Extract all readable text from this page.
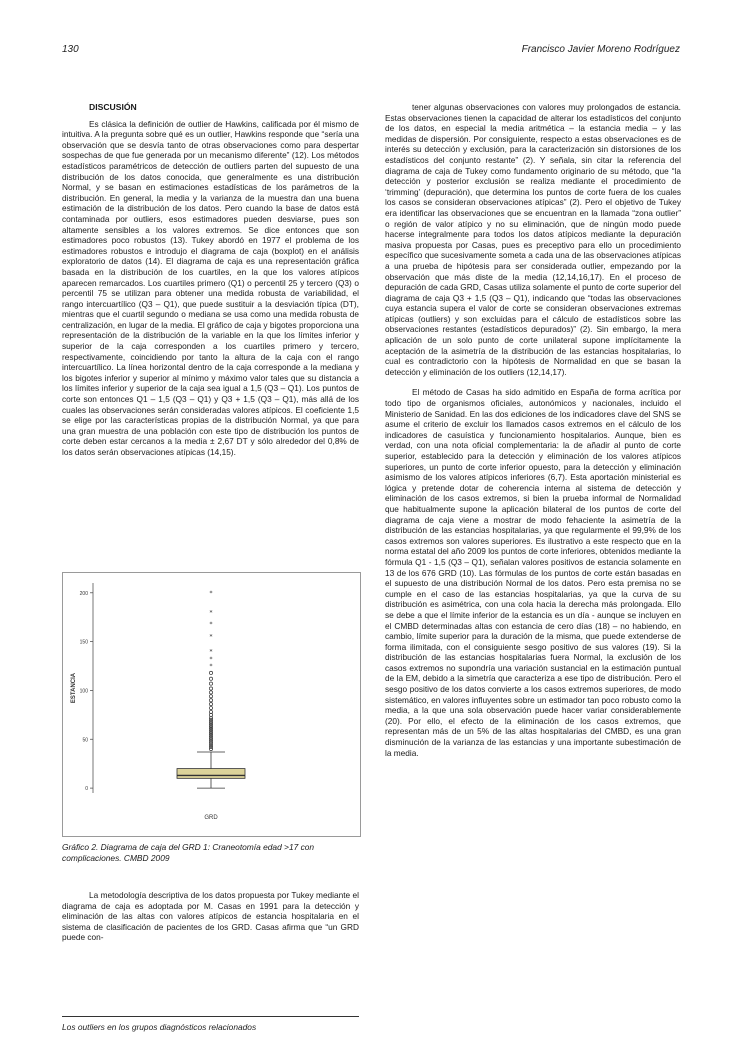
130	Francisco Javier Moreno Rodríguez
DISCUSIÓN

Es clásica la definición de outlier de Hawkins, calificada por él mismo de intuitiva. A la pregunta sobre qué es un outlier, Hawkins responde que “sería una observación que se desvía tanto de otras observaciones como para despertar sospechas de que fue generada por un mecanismo diferente” (12). Los métodos estadísticos paramétricos de detección de outliers parten del supuesto de una distribución de los datos conocida, que generalmente es una distribución Normal, y se basan en estimaciones estadísticas de los parámetros de la distribución. En general, la media y la varianza de la muestra dan una buena estimación de la distribución de los datos. Pero cuando la base de datos está contaminada por outliers, esos estimadores pueden desviarse, pues son altamente sensibles a los valores extremos. Se dice entonces que son estimadores poco robustos (13). Tukey abordó en 1977 el problema de los estimadores robustos e introdujo el diagrama de caja (boxplot) en el análisis exploratorio de datos (14). El diagrama de caja es una representación gráfica basada en la distribución de los cuartiles, en la que los valores atípicos aparecen remarcados. Los cuartiles primero (Q1) o percentil 25 y tercero (Q3) o percentil 75 se utilizan para obtener una medida robusta de variabilidad, el rango intercuartílico (Q3 – Q1), que puede sustituir a la desviación típica (DT), mientras que el cuartil segundo o mediana se usa como una medida robusta de centralización, en lugar de la media. El gráfico de caja y bigotes proporciona una representación de la distribución de la variable en la que los límites inferior y superior de la caja corresponden a los cuartiles primero y tercero, respectivamente, coincidiendo por tanto la altura de la caja con el rango intercuartílico. La línea horizontal dentro de la caja corresponde a la mediana y los bigotes inferior y superior al mínimo y máximo valor tales que su distancia a los límites inferior y superior de la caja sea igual a 1,5 (Q3 – Q1). Los puntos de corte son entonces Q1 – 1,5 (Q3 – Q1) y Q3 + 1,5 (Q3 – Q1), más allá de los cuales las observaciones serán consideradas valores atípicos. El coeficiente 1,5 se elige por las características propias de la distribución Normal, ya que para una gran muestra de una población con este tipo de distribución los puntos de corte deben estar cercanos a la media ± 2,67 DT y sólo alrededor del 0,8% de los datos serán observaciones atípicas (14,15).

0
50
100
150
200
ESTANCIA
GRD
*
*
*
*
*
*
*
Gráfico 2. Diagrama de caja del GRD 1: Craneotomía edad >17 con complicaciones. CMBD 2009

La metodología descriptiva de los datos propuesta por Tukey mediante el diagrama de caja es adoptada por M. Casas en 1991 para la detección y eliminación de las altas con valores atípicos de estancia hospitalaria en el sistema de clasificación de pacientes de los GRD. Casas afirma que “un GRD puede con-

tener algunas observaciones con valores muy prolongados de estancia. Estas observaciones tienen la capacidad de alterar los estadísticos del conjunto de los datos, en especial la media aritmética – la estancia media – y las medidas de dispersión. Por consiguiente, respecto a estas observaciones es de interés su detección y exclusión, para la caracterización sin distorsiones de los estadísticos del conjunto restante” (2). Y señala, sin citar la referencia del diagrama de caja de Tukey como fundamento originario de su método, que “la detección y posterior exclusión se realiza mediante el procedimiento de ‘trimming’ (depuración), que determina los puntos de corte fuera de los cuales los casos se consideran observaciones atípicas” (2). Pero el objetivo de Tukey era identificar las observaciones que se encuentran en la llamada “zona outlier” o región de valor atípico y no su eliminación, que de ningún modo puede hacerse integralmente para todos los datos atípicos mediante la depuración masiva propuesta por Casas, pues es preceptivo para ello un procedimiento específico que sucesivamente someta a cada una de las observaciones atípicas a una prueba de hipótesis para ser considerada outlier, empezando por la observación que más diste de la media (12,14,16,17). En el proceso de depuración de cada GRD, Casas utiliza solamente el punto de corte superior del diagrama de caja Q3 + 1,5 (Q3 – Q1), indicando que “todas las observaciones cuya estancia supera el valor de corte se consideran observaciones extremas atípicas (outliers) y son excluidas para el cálculo de estadísticos sobre las observaciones restantes (estadísticos depurados)” (2). Sin embargo, la mera aplicación de un solo punto de corte unilateral supone implícitamente la aceptación de la asimetría de la distribución de las estancias hospitalarias, lo cual es contradictorio con la hipótesis de Normalidad en que se basan la detección y eliminación de los outliers (12,14,17).

El método de Casas ha sido admitido en España de forma acrítica por todo tipo de organismos oficiales, autonómicos y nacionales, incluido el Ministerio de Sanidad. En las dos ediciones de los indicadores clave del SNS se asume el criterio de excluir los llamados casos extremos en el cálculo de los indicadores de casuística y funcionamiento hospitalarios. Aunque, bien es verdad, con una nota oficial complementaria: la de añadir al punto de corte superior, establecido para la detección y eliminación de los valores atípicos superiores, un punto de corte inferior opuesto, para la detección y eliminación asimismo de los valores atípicos inferiores (6,7). Esta aportación ministerial es lógica y pretende dotar de coherencia interna al sistema de detección y eliminación de los casos extremos, si bien la prueba informal de Normalidad que habitualmente supone la aplicación bilateral de los puntos de corte del diagrama de caja viene a mostrar de modo fehaciente la asimetría de la distribución de las estancias hospitalarias, ya que regularmente el 99,9% de los casos extremos son valores superiores. Es ilustrativo a este respecto que en la norma estatal del año 2009 los puntos de corte inferiores, obtenidos mediante la fórmula Q1 - 1,5 (Q3 – Q1), señalan valores positivos de estancia solamente en 13 de los 676 GRD (10). Las fórmulas de los puntos de corte están basadas en el supuesto de una distribución Normal de los datos. Pero esta premisa no se cumple en el caso de las estancias hospitalarias, ya que la curva de su distribución es asimétrica, con una cola hacia la derecha más prolongada. Ello se debe a que el límite inferior de la estancia es un día - aunque se incluyen en el CMBD determinadas altas con estancia de cero días (18) – no habiendo, en cambio, límite superior para la duración de la misma, que puede extenderse de forma ilimitada, con el consiguiente sesgo positivo de sus valores (19). Si la distribución de las estancias hospitalarias fuera Normal, la exclusión de los casos extremos no supondría una variación sustancial en la estimación puntual de la EM, debido a la simetría que caracteriza a ese tipo de distribución. Pero el sesgo positivo de los datos convierte a los casos extremos superiores, de modo sistemático, en valores influyentes sobre un estimador tan poco robusto como la media, a la que una sola observación puede hacer variar considerablemente (20). Por ello, el efecto de la eliminación de los casos extremos, que representan más de un 5% de las altas hospitalarias del CMBD, es una gran disminución de la varianza de las estancias y una importante subestimación de la media.

Los outliers en los grupos diagnósticos relacionados
